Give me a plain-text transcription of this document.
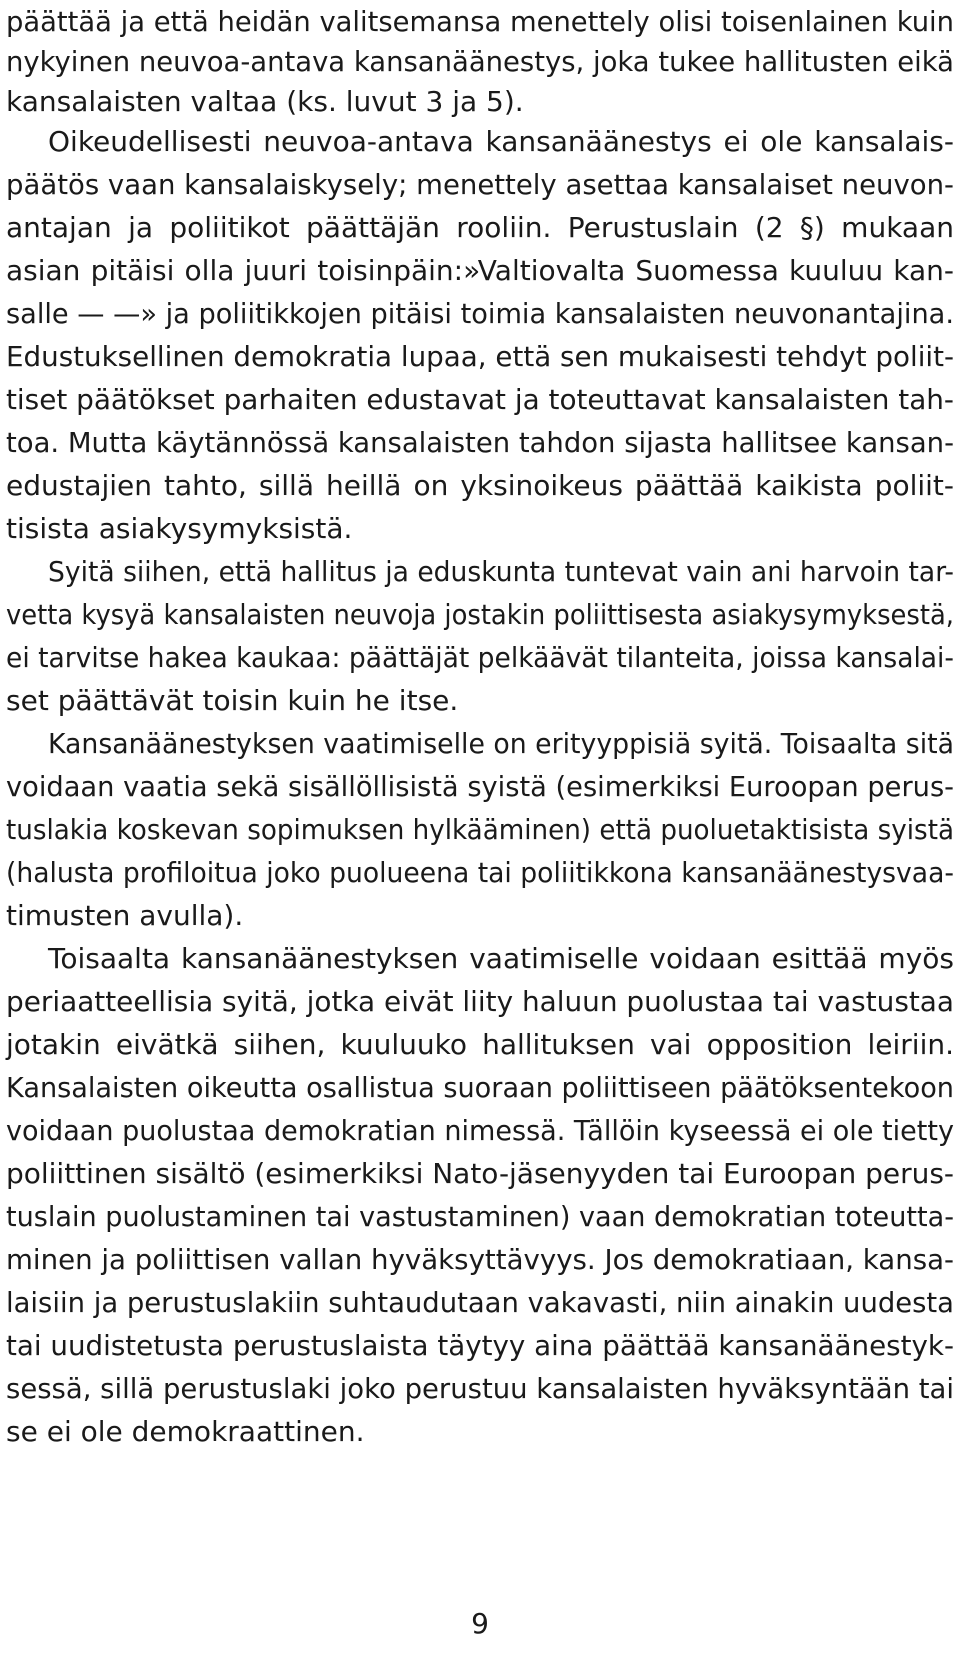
päättää ja että heidän valitsemansa menettely olisi toisenlainen kuin
nykyinen neuvoa-antava kansanäänestys, joka tukee hallitusten eikä
kansalaisten valtaa (ks. luvut 3 ja 5).
Oikeudellisesti neuvoa-antava kansanäänestys ei ole kansalais-
päätös vaan kansalaiskysely; menettely asettaa kansalaiset neuvon-
antajan ja poliitikot päättäjän rooliin. Perustuslain (2 §) mukaan
asian pitäisi olla juuri toisinpäin:»Valtiovalta Suomessa kuuluu kan-
salle — —» ja poliitikkojen pitäisi toimia kansalaisten neuvonantajina.
Edustuksellinen demokratia lupaa, että sen mukaisesti tehdyt poliit-
tiset päätökset parhaiten edustavat ja toteuttavat kansalaisten tah-
toa. Mutta käytännössä kansalaisten tahdon sijasta hallitsee kansan-
edustajien tahto, sillä heillä on yksinoikeus päättää kaikista poliit-
tisista asiakysymyksistä.
Syitä siihen, että hallitus ja eduskunta tuntevat vain ani harvoin tar-
vetta kysyä kansalaisten neuvoja jostakin poliittisesta asiakysymyksestä,
ei tarvitse hakea kaukaa: päättäjät pelkäävät tilanteita, joissa kansalai-
set päättävät toisin kuin he itse.
Kansanäänestyksen vaatimiselle on erityyppisiä syitä. Toisaalta sitä
voidaan vaatia sekä sisällöllisistä syistä (esimerkiksi Euroopan perus-
tuslakia koskevan sopimuksen hylkääminen) että puoluetaktisista syistä
(halusta profiloitua joko puolueena tai poliitikkona kansanäänestysvaa-
timusten avulla).
Toisaalta kansanäänestyksen vaatimiselle voidaan esittää myös
periaatteellisia syitä, jotka eivät liity haluun puolustaa tai vastustaa
jotakin eivätkä siihen, kuuluuko hallituksen vai opposition leiriin.
Kansalaisten oikeutta osallistua suoraan poliittiseen päätöksentekoon
voidaan puolustaa demokratian nimessä. Tällöin kyseessä ei ole tietty
poliittinen sisältö (esimerkiksi Nato-jäsenyyden tai Euroopan perus-
tuslain puolustaminen tai vastustaminen) vaan demokratian toteutta-
minen ja poliittisen vallan hyväksyttävyys. Jos demokratiaan, kansa-
laisiin ja perustuslakiin suhtaudutaan vakavasti, niin ainakin uudesta
tai uudistetusta perustuslaista täytyy aina päättää kansanäänestyk-
sessä, sillä perustuslaki joko perustuu kansalaisten hyväksyntään tai
se ei ole demokraattinen.
9
